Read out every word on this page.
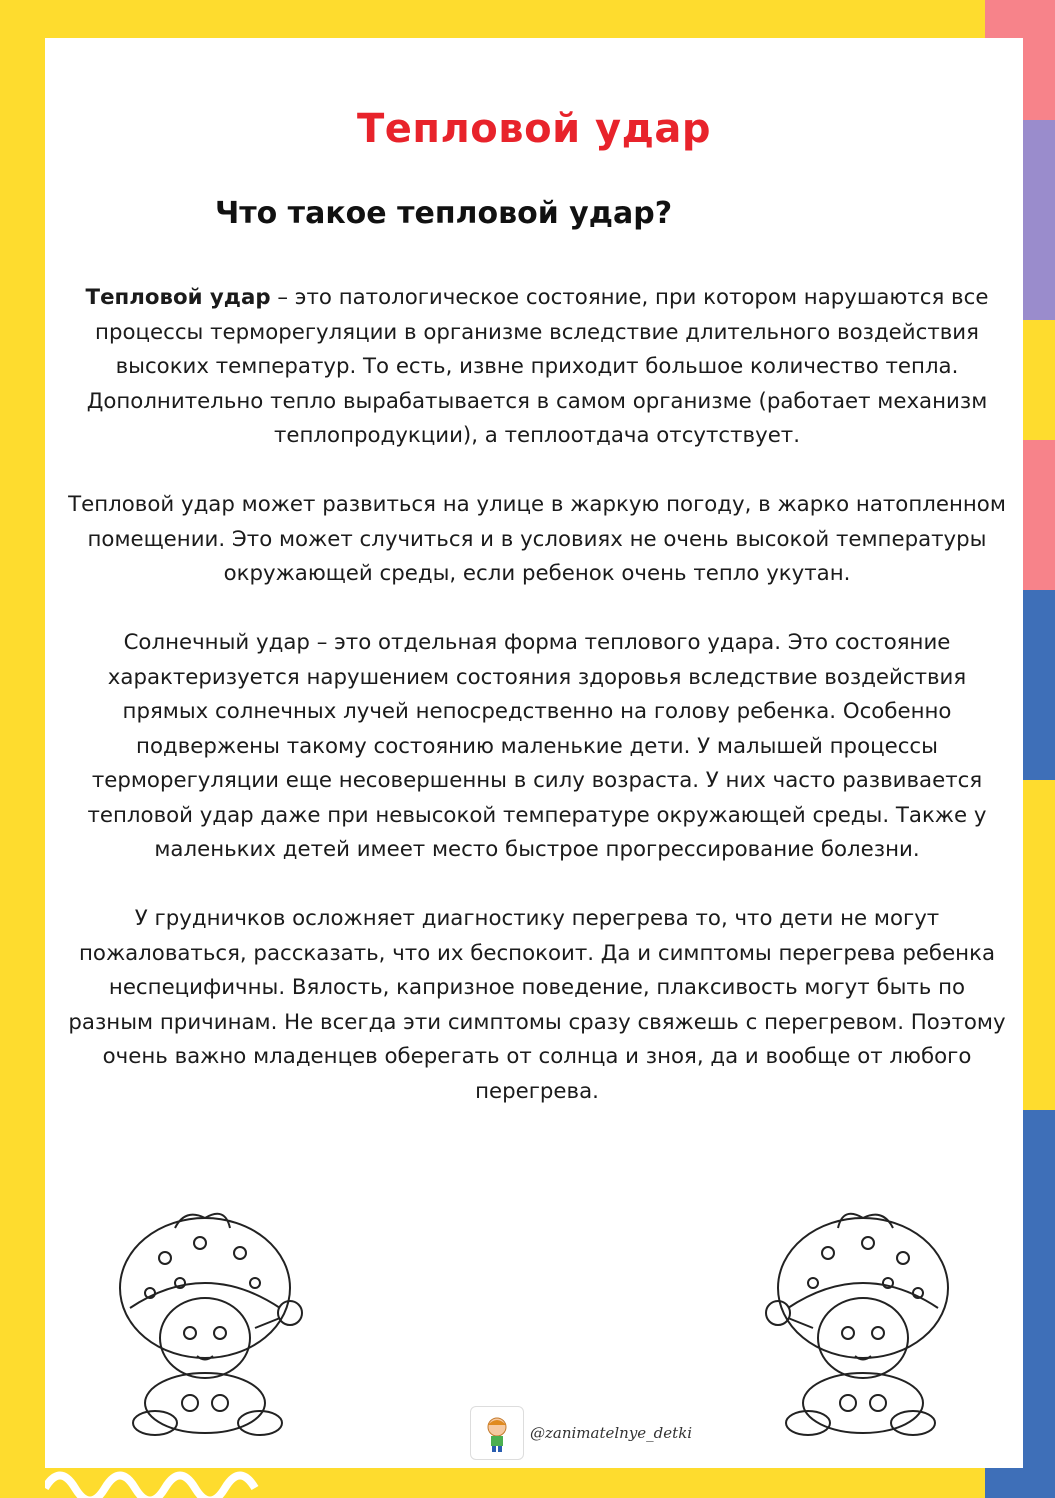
Тепловой удар
Что такое тепловой удар?

Тепловой удар – это патологическое состояние, при котором нарушаются все процессы терморегуляции в организме вследствие длительного воздействия высоких температур. То есть, извне приходит большое количество тепла. Дополнительно тепло вырабатывается в самом организме (работает механизм теплопродукции), а теплоотдача отсутствует.

Тепловой удар может развиться на улице в жаркую погоду, в жарко натопленном помещении. Это может случиться и в условиях не очень высокой температуры окружающей среды, если ребенок очень тепло укутан.

Солнечный удар – это отдельная форма теплового удара. Это состояние характеризуется нарушением состояния здоровья вследствие воздействия прямых солнечных лучей непосредственно на голову ребенка. Особенно подвержены такому состоянию маленькие дети. У малышей процессы терморегуляции еще несовершенны в силу возраста. У них часто развивается тепловой удар даже при невысокой температуре окружающей среды. Также у маленьких детей имеет место быстрое прогрессирование болезни.

У грудничков осложняет диагностику перегрева то, что дети не могут пожаловаться, рассказать, что их беспокоит. Да и симптомы перегрева ребенка неспецифичны. Вялость, капризное поведение, плаксивость могут быть по разным причинам. Не всегда эти симптомы сразу свяжешь с перегревом. Поэтому очень важно младенцев оберегать от солнца и зноя, да и вообще от любого перегрева.

@zanimatelnye_detki
